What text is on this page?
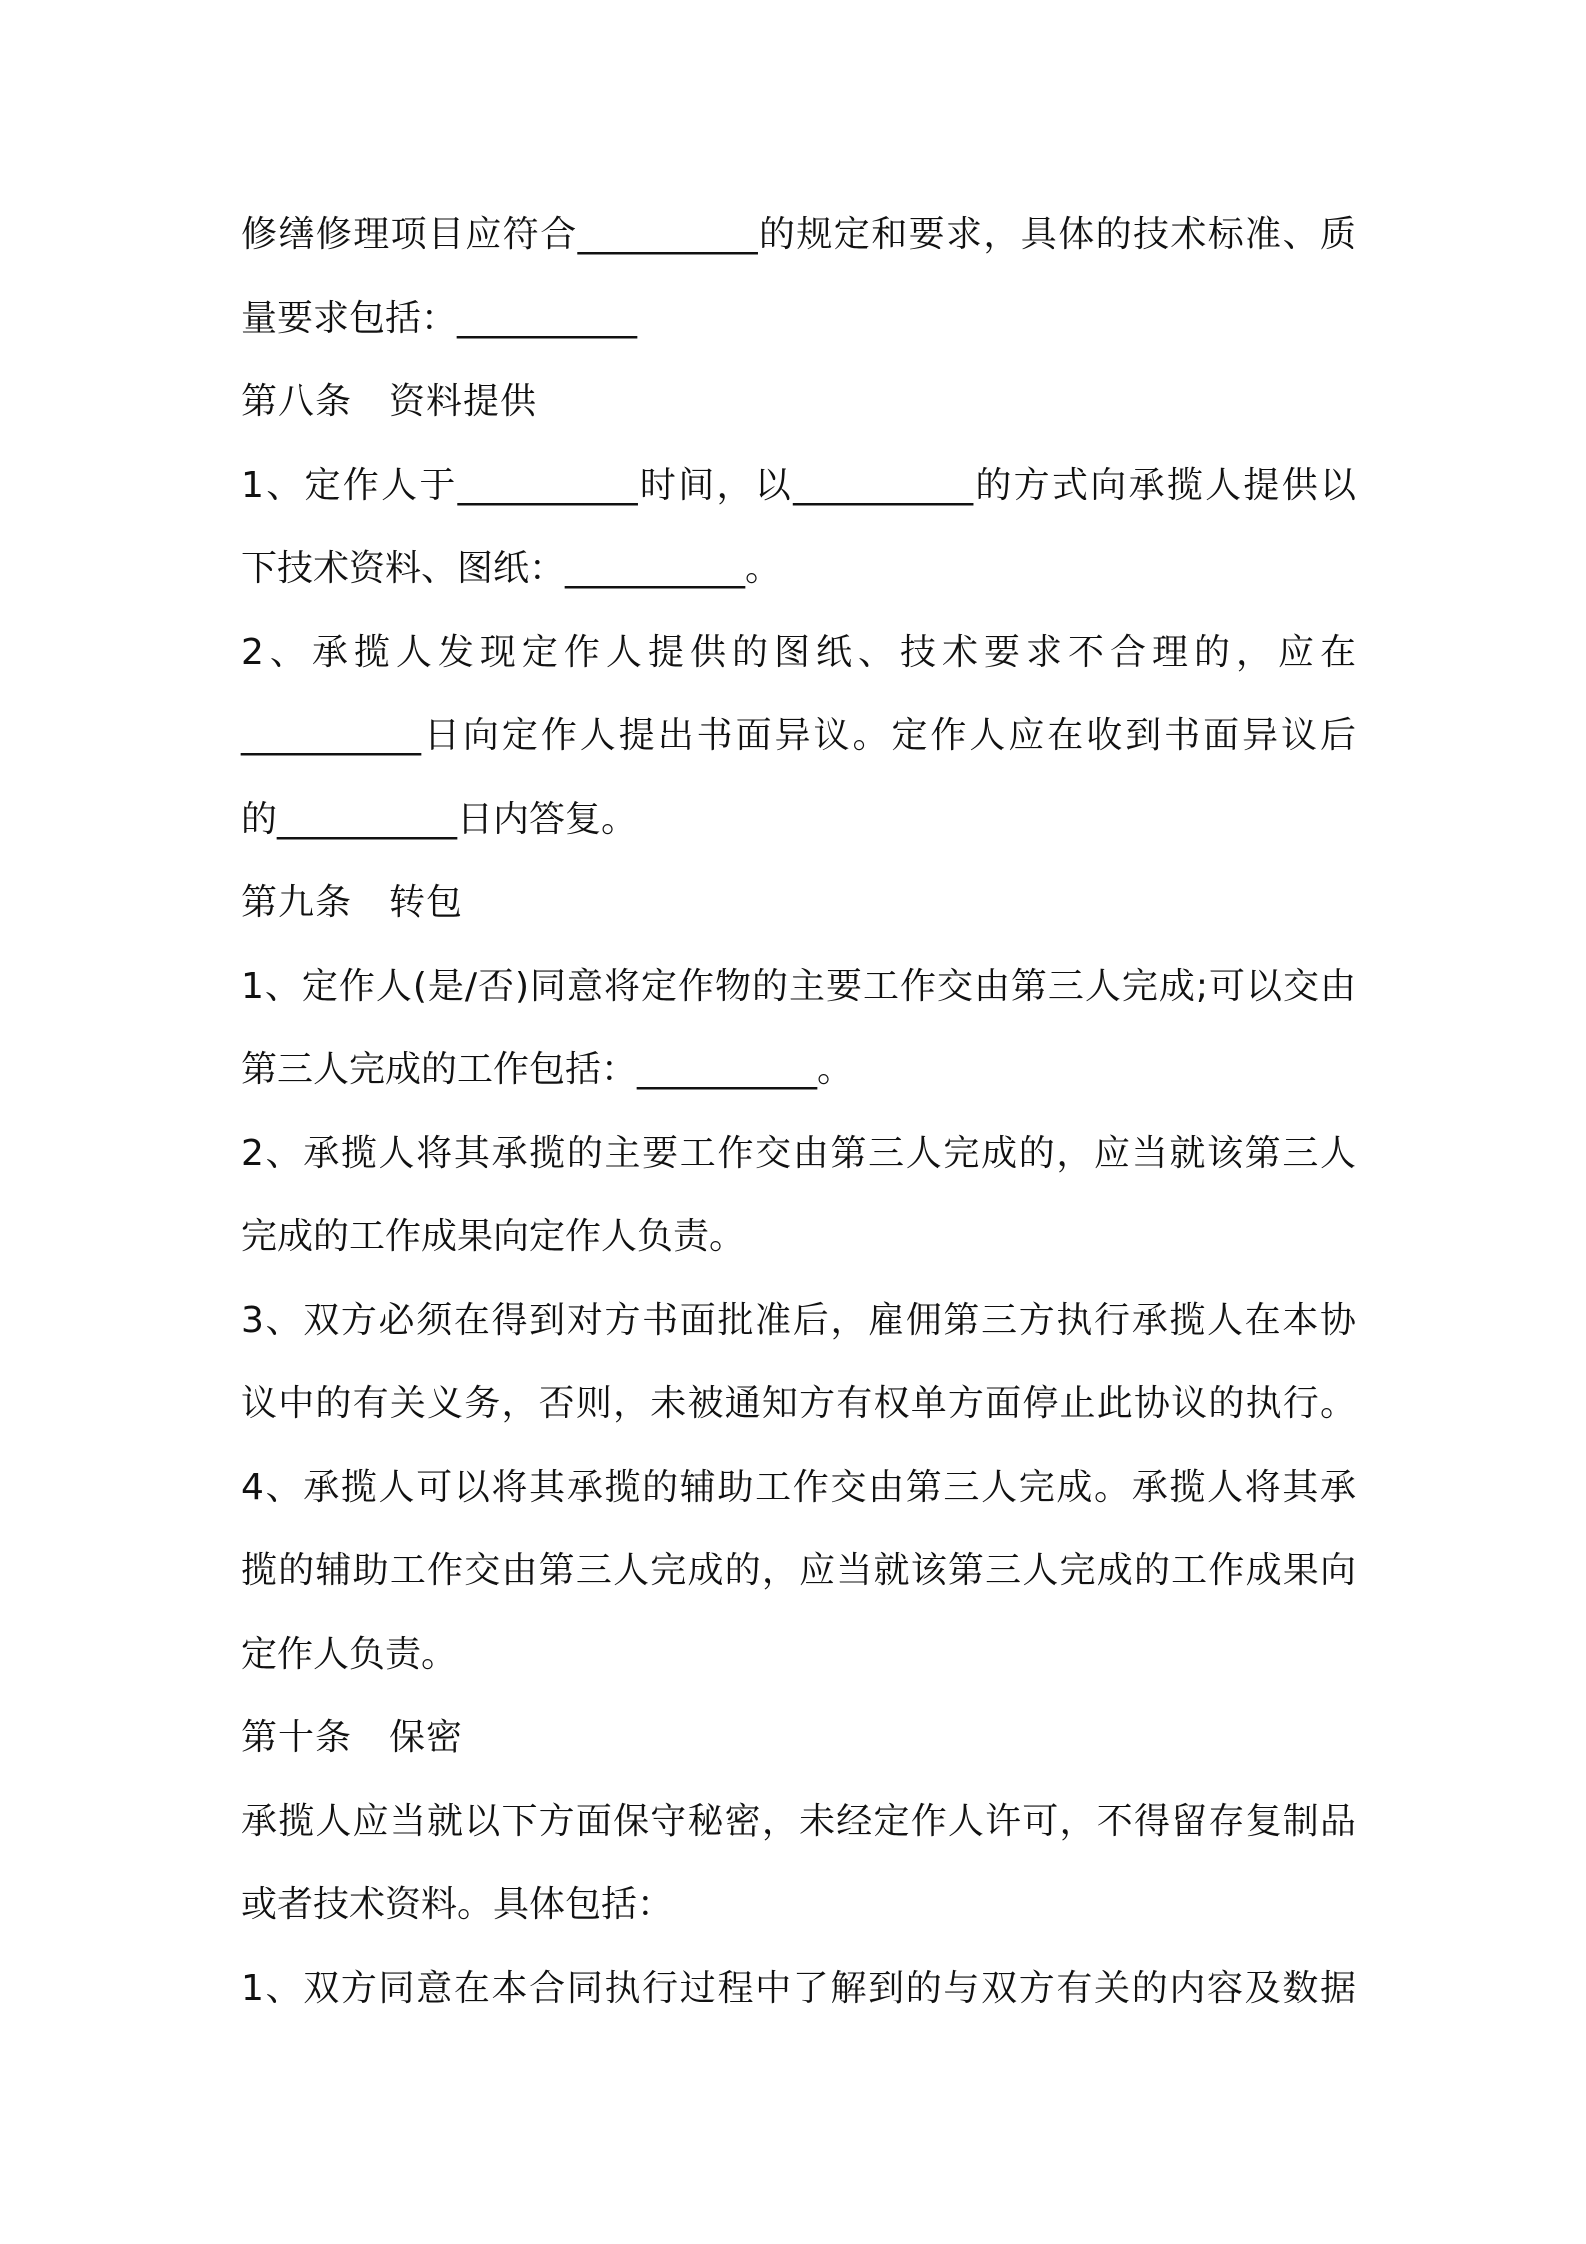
修缮修理项目应符合__________的规定和要求，具体的技术标准、质
量要求包括：__________
第八条　资料提供
1、定作人于__________时间，以__________的方式向承揽人提供以
下技术资料、图纸：__________。
2、承揽人发现定作人提供的图纸、技术要求不合理的，应在
__________日向定作人提出书面异议。定作人应在收到书面异议后
的__________日内答复。
第九条　转包
1、定作人(是/否)同意将定作物的主要工作交由第三人完成;可以交由
第三人完成的工作包括：__________。
2、承揽人将其承揽的主要工作交由第三人完成的，应当就该第三人
完成的工作成果向定作人负责。
3、双方必须在得到对方书面批准后，雇佣第三方执行承揽人在本协
议中的有关义务，否则，未被通知方有权单方面停止此协议的执行。
4、承揽人可以将其承揽的辅助工作交由第三人完成。承揽人将其承
揽的辅助工作交由第三人完成的，应当就该第三人完成的工作成果向
定作人负责。
第十条　保密
承揽人应当就以下方面保守秘密，未经定作人许可，不得留存复制品
或者技术资料。具体包括：
1、双方同意在本合同执行过程中了解到的与双方有关的内容及数据
